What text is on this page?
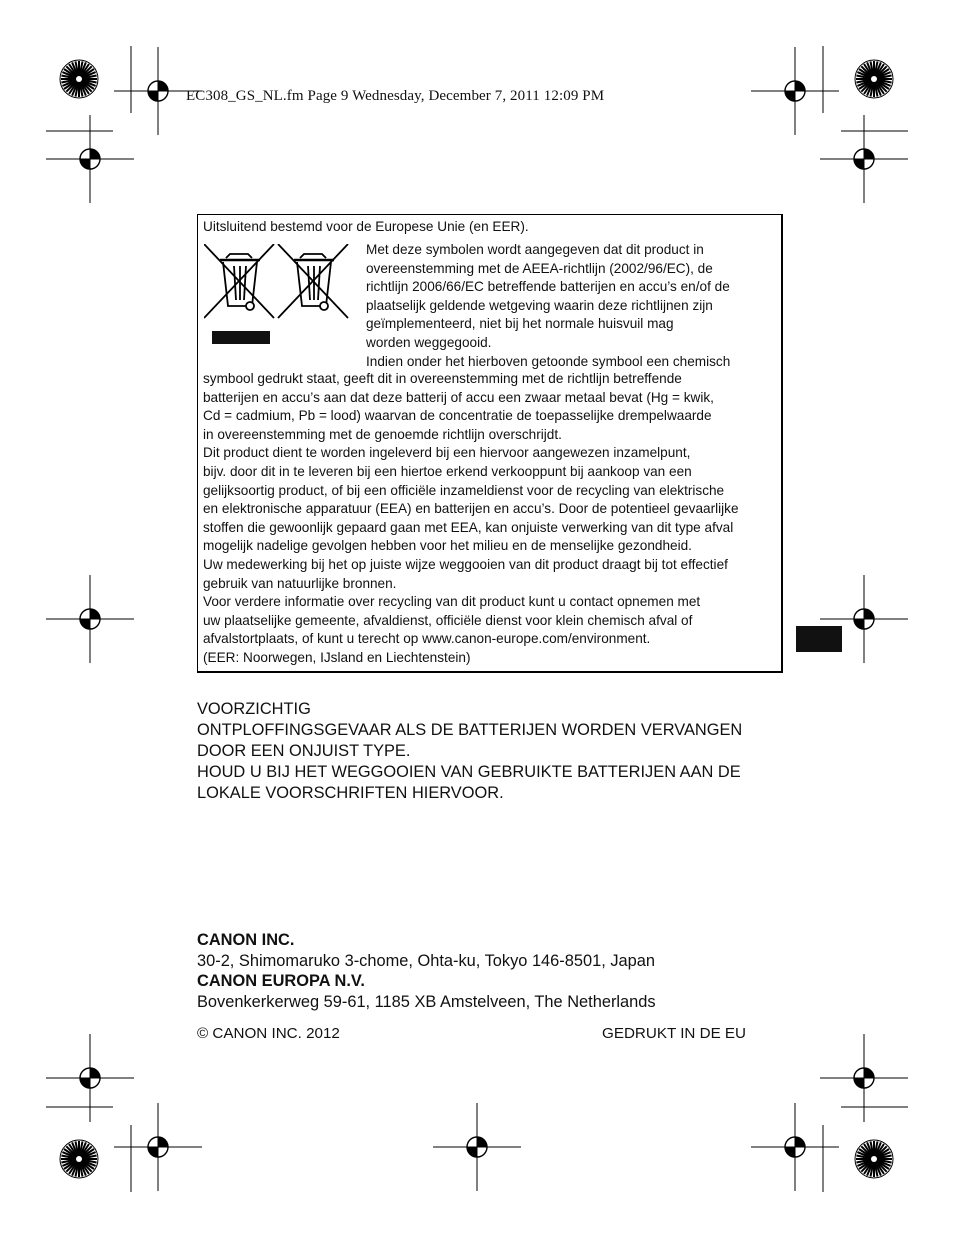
EC308_GS_NL.fm Page 9 Wednesday, December 7, 2011 12:09 PM
Uitsluitend bestemd voor de Europese Unie (en EER).
Met deze symbolen wordt aangegeven dat dit product in
overeenstemming met de AEEA-richtlijn (2002/96/EC), de
richtlijn 2006/66/EC betreffende batterijen en accu’s en/of de
plaatselijk geldende wetgeving waarin deze richtlijnen zijn
geïmplementeerd, niet bij het normale huisvuil mag
worden weggegooid.
Indien onder het hierboven getoonde symbool een chemisch

symbool gedrukt staat, geeft dit in overeenstemming met de richtlijn betreffende

batterijen en accu’s aan dat deze batterij of accu een zwaar metaal bevat (Hg = kwik,

Cd = cadmium, Pb = lood) waarvan de concentratie de toepasselijke drempelwaarde

in overeenstemming met de genoemde richtlijn overschrijdt.

Dit product dient te worden ingeleverd bij een hiervoor aangewezen inzamelpunt,

bijv. door dit in te leveren bij een hiertoe erkend verkooppunt bij aankoop van een

gelijksoortig product, of bij een officiële inzameldienst voor de recycling van elektrische

en elektronische apparatuur (EEA) en batterijen en accu’s. Door de potentieel gevaarlijke

stoffen die gewoonlijk gepaard gaan met EEA, kan onjuiste verwerking van dit type afval

mogelijk nadelige gevolgen hebben voor het milieu en de menselijke gezondheid.

Uw medewerking bij het op juiste wijze weggooien van dit product draagt bij tot effectief

gebruik van natuurlijke bronnen.

Voor verdere informatie over recycling van dit product kunt u contact opnemen met

uw plaatselijke gemeente, afvaldienst, officiële dienst voor klein chemisch afval of

afvalstortplaats, of kunt u terecht op www.canon-europe.com/environment.

(EER: Noorwegen, IJsland en Liechtenstein)

VOORZICHTIG

ONTPLOFFINGSGEVAAR ALS DE BATTERIJEN WORDEN VERVANGEN

DOOR EEN ONJUIST TYPE.

HOUD U BIJ HET WEGGOOIEN VAN GEBRUIKTE BATTERIJEN AAN DE

LOKALE VOORSCHRIFTEN HIERVOOR.

CANON INC.

30-2, Shimomaruko 3-chome, Ohta-ku, Tokyo 146-8501, Japan

CANON EUROPA N.V.

Bovenkerkerweg 59-61, 1185 XB Amstelveen, The Netherlands

© CANON INC. 2012	GEDRUKT IN DE EU
